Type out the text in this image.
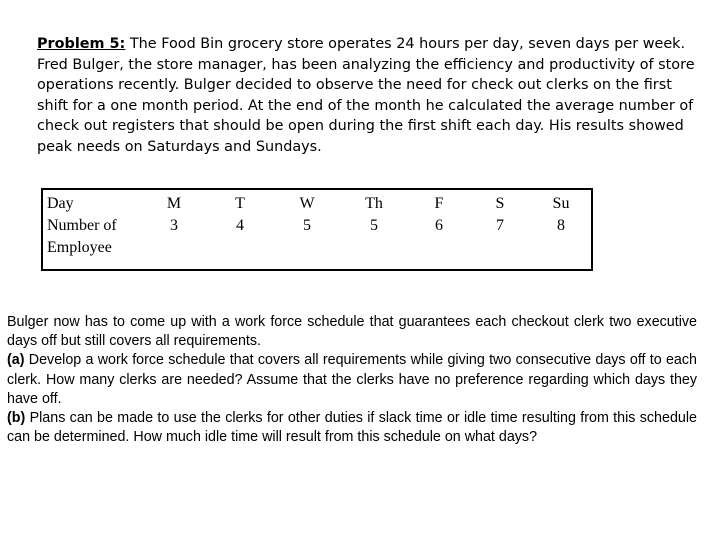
Problem 5: The Food Bin grocery store operates 24 hours per day, seven days per week. Fred Bulger, the store manager, has been analyzing the efficiency and productivity of store operations recently. Bulger decided to observe the need for check out clerks on the first shift for a one month period. At the end of the month he calculated the average number of check out registers that should be open during the first shift each day. His results showed peak needs on Saturdays and Sundays.
Day	M	T	W	Th	F	S	Su
Number of Employee	3	4	5	5	6	7	8

Bulger now has to come up with a work force schedule that guarantees each checkout clerk two executive days off but still covers all requirements.

(a) Develop a work force schedule that covers all requirements while giving two consecutive days off to each clerk. How many clerks are needed? Assume that the clerks have no preference regarding which days they have off.

(b) Plans can be made to use the clerks for other duties if slack time or idle time resulting from this schedule can be determined. How much idle time will result from this schedule on what days?
